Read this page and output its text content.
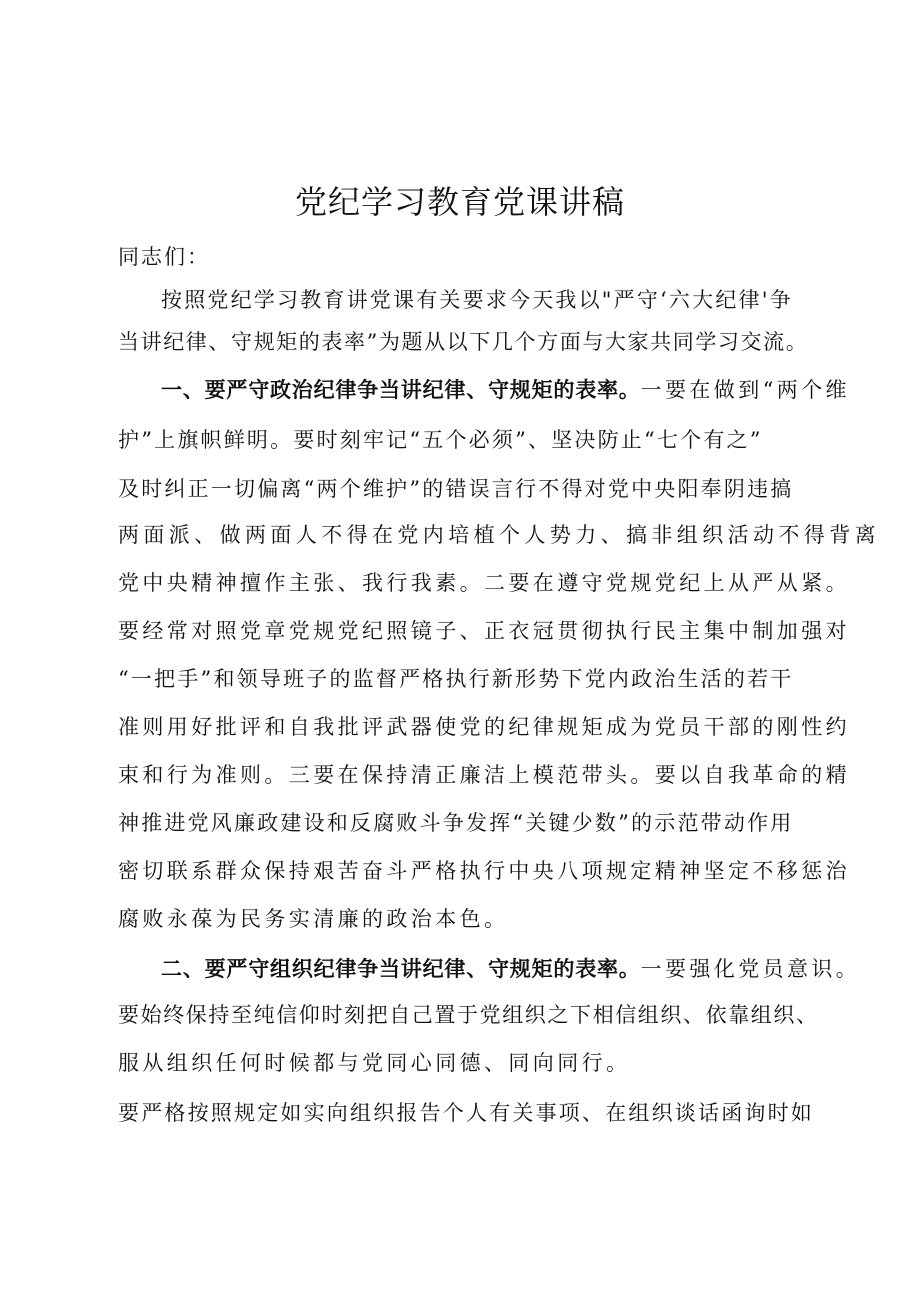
党纪学习教育党课讲稿
同志们：
按照党纪学习教育讲党课有关要求今天我以"严守‘六大纪律'争
当讲纪律、守规矩的表率”为题从以下几个方面与大家共同学习交流。
一、要严守政治纪律争当讲纪律、守规矩的表率。一要在做到“两个维
护”上旗帜鲜明。要时刻牢记“五个必须”、坚决防止“七个有之”
及时纠正一切偏离“两个维护”的错误言行不得对党中央阳奉阴违搞
两面派、做两面人不得在党内培植个人势力、搞非组织活动不得背离
党中央精神擅作主张、我行我素。二要在遵守党规党纪上从严从紧。
要经常对照党章党规党纪照镜子、正衣冠贯彻执行民主集中制加强对
“一把手”和领导班子的监督严格执行新形势下党内政治生活的若干
准则用好批评和自我批评武器使党的纪律规矩成为党员干部的刚性约
束和行为准则。三要在保持清正廉洁上模范带头。要以自我革命的精
神推进党风廉政建设和反腐败斗争发挥“关键少数”的示范带动作用
密切联系群众保持艰苦奋斗严格执行中央八项规定精神坚定不移惩治
腐败永葆为民务实清廉的政治本色。
二、要严守组织纪律争当讲纪律、守规矩的表率。一要强化党员意识。
要始终保持至纯信仰时刻把自己置于党组织之下相信组织、依靠组织、
服从组织任何时候都与党同心同德、同向同行。
要严格按照规定如实向组织报告个人有关事项、在组织谈话函询时如
